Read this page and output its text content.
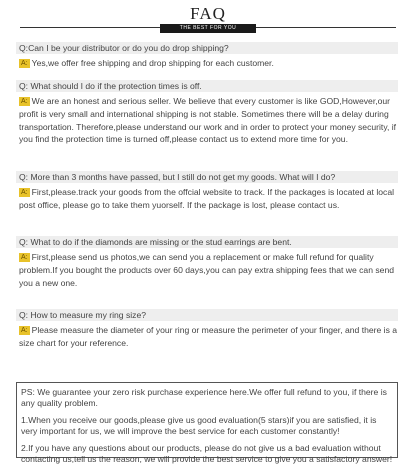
FAQ
THE BEST FOR YOU
Q:Can I be your distributor or do you do drop shipping?
A: Yes,we offer free shipping and drop shipping for each customer.
Q: What should I do if the protection times is off.
A: We are an honest and serious seller. We believe that every customer is like GOD,However,our profit is very small and international shipping is not stable. Sometimes there will be a delay during transportation. Therefore,please understand our work and in order to protect your money security, if you find the protection time is turned off,please contact us to extend more time for you.
Q: More than 3 months have passed, but I still do not get my goods. What will I do?
A: First,please.track your goods from the offcial website to track. If the packages is located at local post office, please go to take them yuorself. If the package is lost, please contact us.
Q: What to do if the diamonds are missing or the stud earrings are bent.
A: First,please send us photos,we can send you a replacement or make full refund for quality problem.If you bought the products over 60 days,you can pay extra shipping fees that we can send you a new one.
Q: How to measure my ring size?
A: Please measure the diameter of your ring or measure the perimeter of your finger, and there is a size chart for your reference.

PS: We guarantee your zero risk purchase experience here.We offer full refund to you, if there is any quality problem.

1.When you receive our goods,please give us good evaluation(5 stars)if you are satisfied, it is very important for us, we will improve the best service for each customer constantly!

2.If you have any questions about our products, please do not give us a bad evaluation without contacting us,tell us the reason, we will provide the best service to give you a satisfactory answer!
